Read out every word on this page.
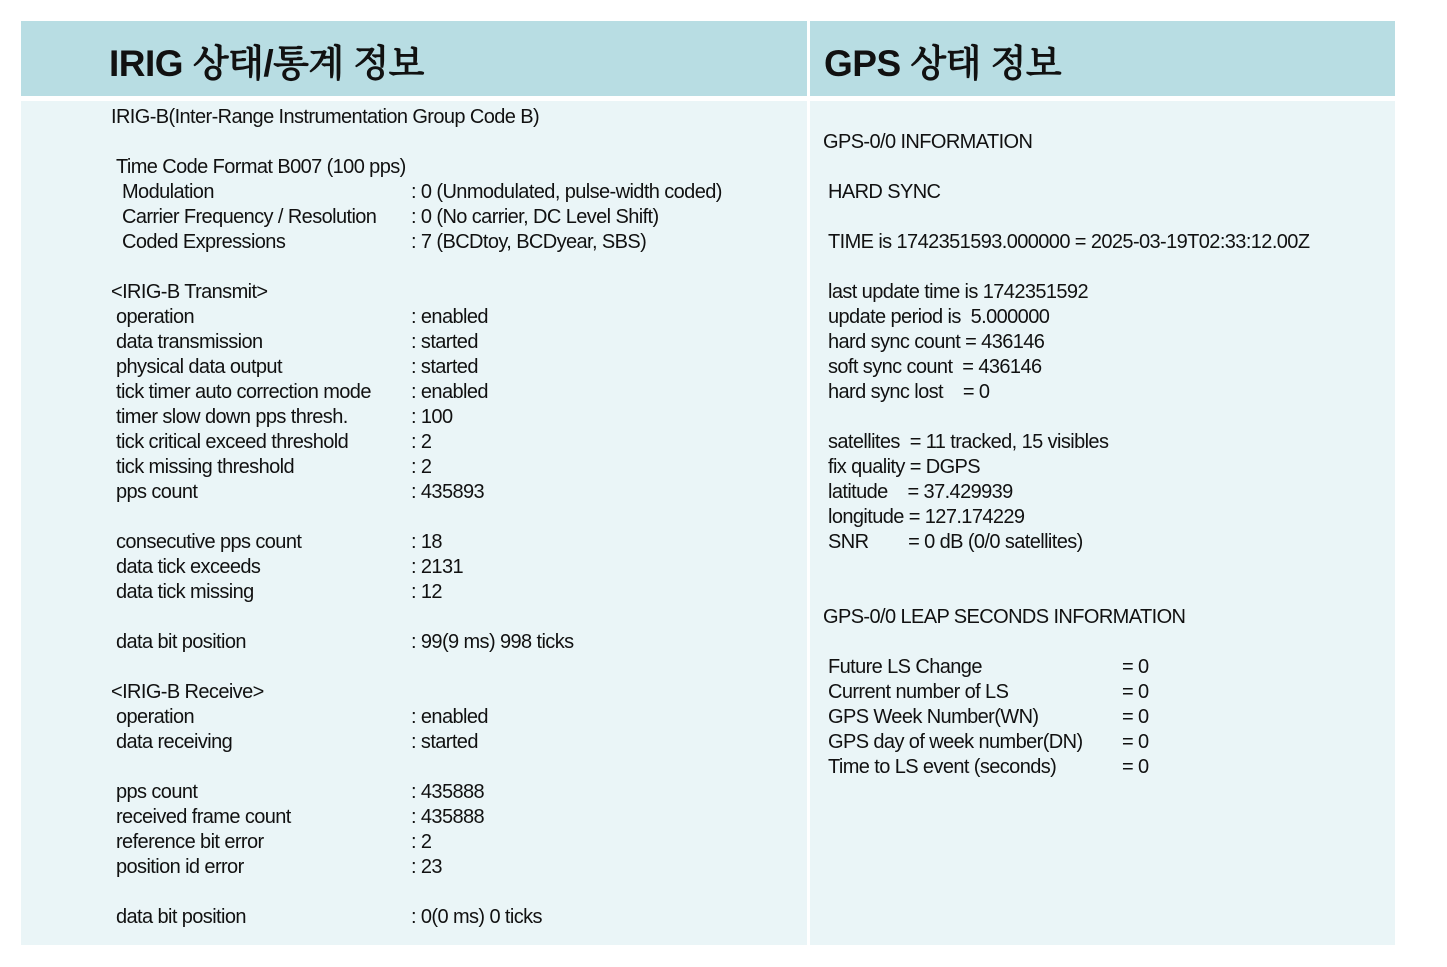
IRIG 상태/통계 정보	GPS 상태 정보
IRIG-B(Inter-Range Instrumentation Group Code B)
Time Code Format B007 (100 pps)
Modulation	: 0 (Unmodulated, pulse-width coded)
Carrier Frequency / Resolution : 0 (No carrier, DC Level Shift)
Coded Expressions	: 7 (BCDtoy, BCDyear, SBS)
<IRIG-B Transmit>
operation	: enabled
data transmission	: started
physical data output	: started
tick timer auto correction mode : enabled
timer slow down pps thresh.	: 100
tick critical exceed threshold	: 2
tick missing threshold	: 2
pps count	: 435893
consecutive pps count	: 18
data tick exceeds	: 2131
data tick missing	: 12
data bit position	: 99(9 ms) 998 ticks
<IRIG-B Receive>
operation	: enabled
data receiving	: started
pps count	: 435888
received frame count	: 435888
reference bit error	: 2
position id error	: 23
data bit position	: 0(0 ms) 0 ticks
GPS-0/0 INFORMATION
HARD SYNC
TIME is 1742351593.000000 = 2025-03-19T02:33:12.00Z
last update time is 1742351592
update period is  5.000000
hard sync count = 436146
soft sync count  = 436146
hard sync lost    = 0
satellites  = 11 tracked, 15 visibles
fix quality = DGPS
latitude    = 37.429939
longitude = 127.174229
SNR        = 0 dB (0/0 satellites)
GPS-0/0 LEAP SECONDS INFORMATION
Future LS Change	= 0
Current number of LS	= 0
GPS Week Number(WN)	= 0
GPS day of week number(DN) = 0
Time to LS event (seconds)	= 0
